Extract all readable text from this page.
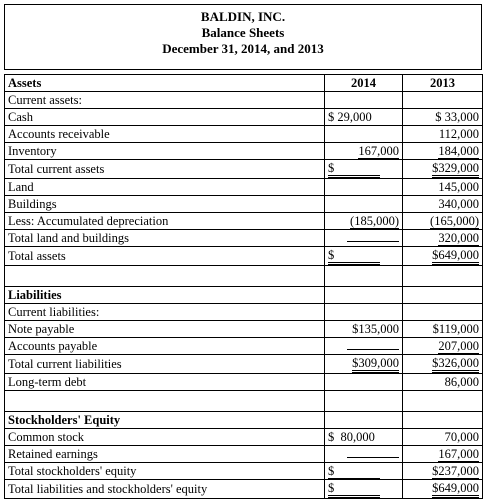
BALDIN, INC.
Balance Sheets
December 31, 2014, and 2013
Assets	2014	2013
Current assets:		
Cash	$ 29,000	$ 33,000
Accounts receivable		112,000
Inventory	167,000	184,000
Total current assets	$	$329,000
Land		145,000
Buildings		340,000
Less: Accumulated depreciation	(185,000)	(165,000)
Total land and buildings		320,000
Total assets	$	$649,000

Liabilities		
Current liabilities:		
Note payable	$135,000	$119,000
Accounts payable		207,000
Total current liabilities	$309,000	$326,000
Long-term debt		86,000

Stockholders' Equity		
Common stock	$  80,000	70,000
Retained earnings		167,000
Total stockholders' equity	$	$237,000
Total liabilities and stockholders' equity	$	$649,000
